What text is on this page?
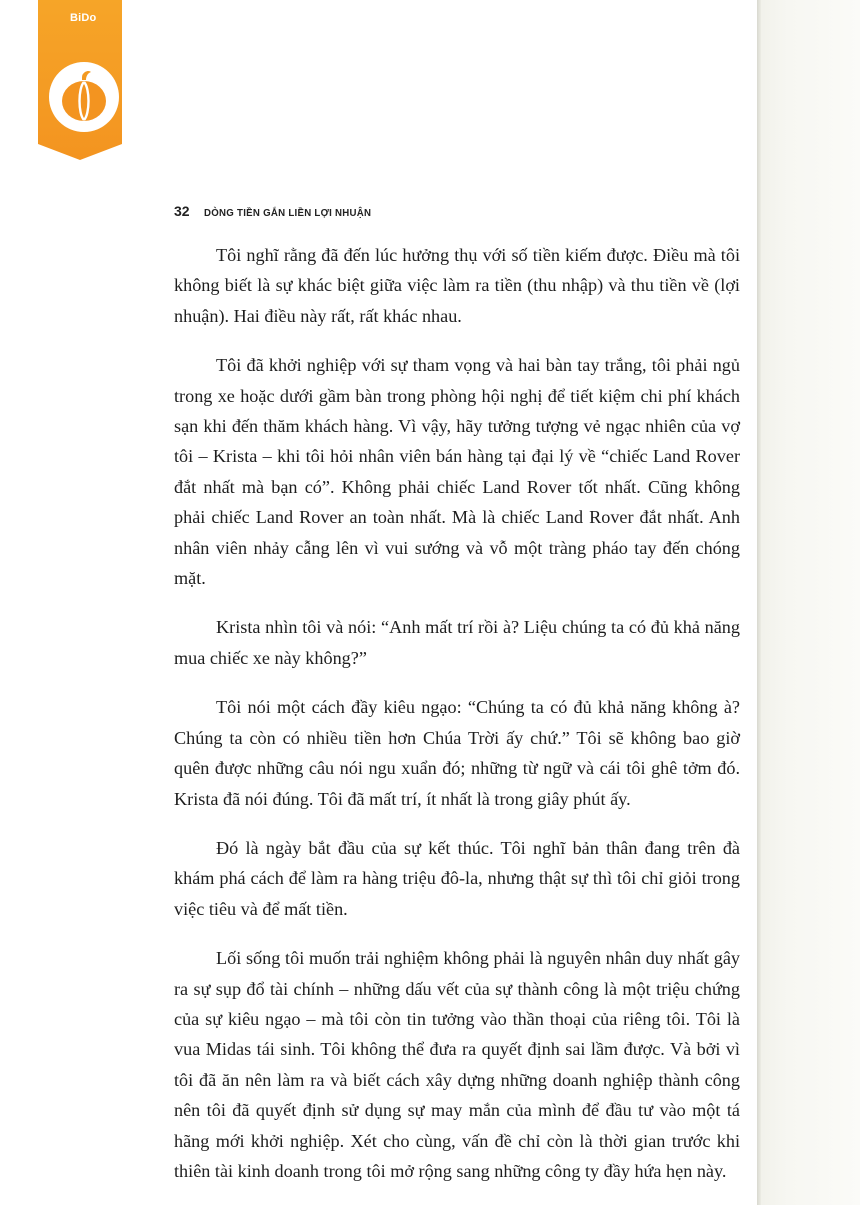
BiDo
32 DÒNG TIỀN GẮN LIỀN LỢI NHUẬN

Tôi nghĩ rằng đã đến lúc hưởng thụ với số tiền kiếm được. Điều mà tôi không biết là sự khác biệt giữa việc làm ra tiền (thu nhập) và thu tiền về (lợi nhuận). Hai điều này rất, rất khác nhau.

Tôi đã khởi nghiệp với sự tham vọng và hai bàn tay trắng, tôi phải ngủ trong xe hoặc dưới gầm bàn trong phòng hội nghị để tiết kiệm chi phí khách sạn khi đến thăm khách hàng. Vì vậy, hãy tưởng tượng vẻ ngạc nhiên của vợ tôi – Krista – khi tôi hỏi nhân viên bán hàng tại đại lý về “chiếc Land Rover đắt nhất mà bạn có”. Không phải chiếc Land Rover tốt nhất. Cũng không phải chiếc Land Rover an toàn nhất. Mà là chiếc Land Rover đắt nhất. Anh nhân viên nhảy cẫng lên vì vui sướng và vỗ một tràng pháo tay đến chóng mặt.

Krista nhìn tôi và nói: “Anh mất trí rồi à? Liệu chúng ta có đủ khả năng mua chiếc xe này không?”

Tôi nói một cách đầy kiêu ngạo: “Chúng ta có đủ khả năng không à? Chúng ta còn có nhiều tiền hơn Chúa Trời ấy chứ.” Tôi sẽ không bao giờ quên được những câu nói ngu xuẩn đó; những từ ngữ và cái tôi ghê tởm đó. Krista đã nói đúng. Tôi đã mất trí, ít nhất là trong giây phút ấy.

Đó là ngày bắt đầu của sự kết thúc. Tôi nghĩ bản thân đang trên đà khám phá cách để làm ra hàng triệu đô-la, nhưng thật sự thì tôi chỉ giỏi trong việc tiêu và để mất tiền.

Lối sống tôi muốn trải nghiệm không phải là nguyên nhân duy nhất gây ra sự sụp đổ tài chính – những dấu vết của sự thành công là một triệu chứng của sự kiêu ngạo – mà tôi còn tin tưởng vào thần thoại của riêng tôi. Tôi là vua Midas tái sinh. Tôi không thể đưa ra quyết định sai lầm được. Và bởi vì tôi đã ăn nên làm ra và biết cách xây dựng những doanh nghiệp thành công nên tôi đã quyết định sử dụng sự may mắn của mình để đầu tư vào một tá hãng mới khởi nghiệp. Xét cho cùng, vấn đề chỉ còn là thời gian trước khi thiên tài kinh doanh trong tôi mở rộng sang những công ty đầy hứa hẹn này.
